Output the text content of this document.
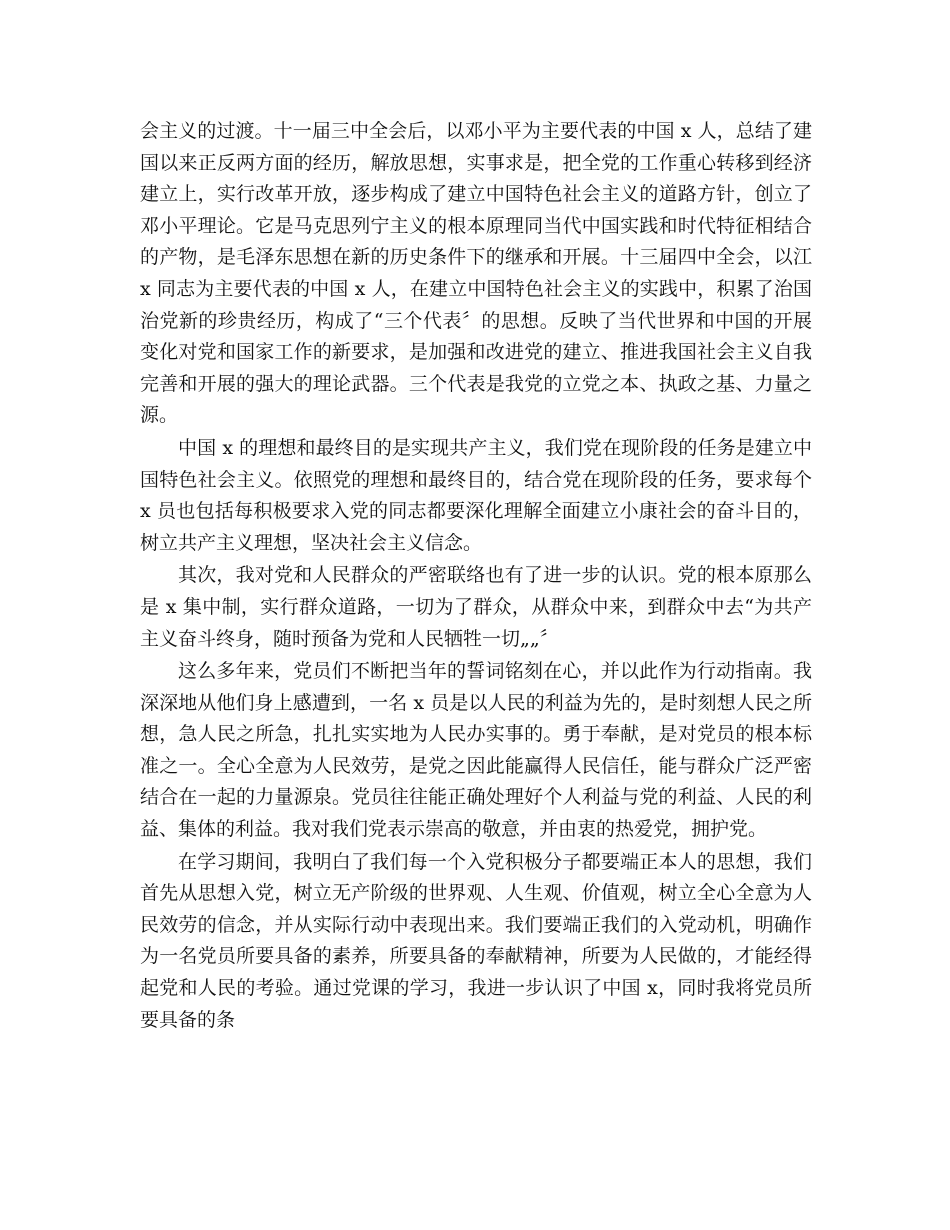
会主义的过渡。十一届三中全会后，以邓小平为主要代表的中国 x 人，总结了建国以来正反两方面的经历，解放思想，实事求是，把全党的工作重心转移到经济建立上，实行改革开放，逐步构成了建立中国特色社会主义的道路方针，创立了邓小平理论。它是马克思列宁主义的根本原理同当代中国实践和时代特征相结合的产物，是毛泽东思想在新的历史条件下的继承和开展。十三届四中全会，以江 x 同志为主要代表的中国 x 人，在建立中国特色社会主义的实践中，积累了治国治党新的珍贵经历，构成了“三个代表〞的思想。反映了当代世界和中国的开展变化对党和国家工作的新要求，是加强和改进党的建立、推进我国社会主义自我完善和开展的强大的理论武器。三个代表是我党的立党之本、执政之基、力量之源。

中国 x 的理想和最终目的是实现共产主义，我们党在现阶段的任务是建立中国特色社会主义。依照党的理想和最终目的，结合党在现阶段的任务，要求每个 x 员也包括每积极要求入党的同志都要深化理解全面建立小康社会的奋斗目的，树立共产主义理想，坚决社会主义信念。

其次，我对党和人民群众的严密联络也有了进一步的认识。党的根本原那么是 x 集中制，实行群众道路，一切为了群众，从群众中来，到群众中去“为共产主义奋斗终身，随时预备为党和人民牺牲一切„„〞

这么多年来，党员们不断把当年的誓词铭刻在心，并以此作为行动指南。我深深地从他们身上感遭到，一名 x 员是以人民的利益为先的，是时刻想人民之所想，急人民之所急，扎扎实实地为人民办实事的。勇于奉献，是对党员的根本标准之一。全心全意为人民效劳，是党之因此能赢得人民信任，能与群众广泛严密结合在一起的力量源泉。党员往往能正确处理好个人利益与党的利益、人民的利益、集体的利益。我对我们党表示崇高的敬意，并由衷的热爱党，拥护党。

在学习期间，我明白了我们每一个入党积极分子都要端正本人的思想，我们首先从思想入党，树立无产阶级的世界观、人生观、价值观，树立全心全意为人民效劳的信念，并从实际行动中表现出来。我们要端正我们的入党动机，明确作为一名党员所要具备的素养，所要具备的奉献精神，所要为人民做的，才能经得起党和人民的考验。通过党课的学习，我进一步认识了中国 x，同时我将党员所要具备的条
